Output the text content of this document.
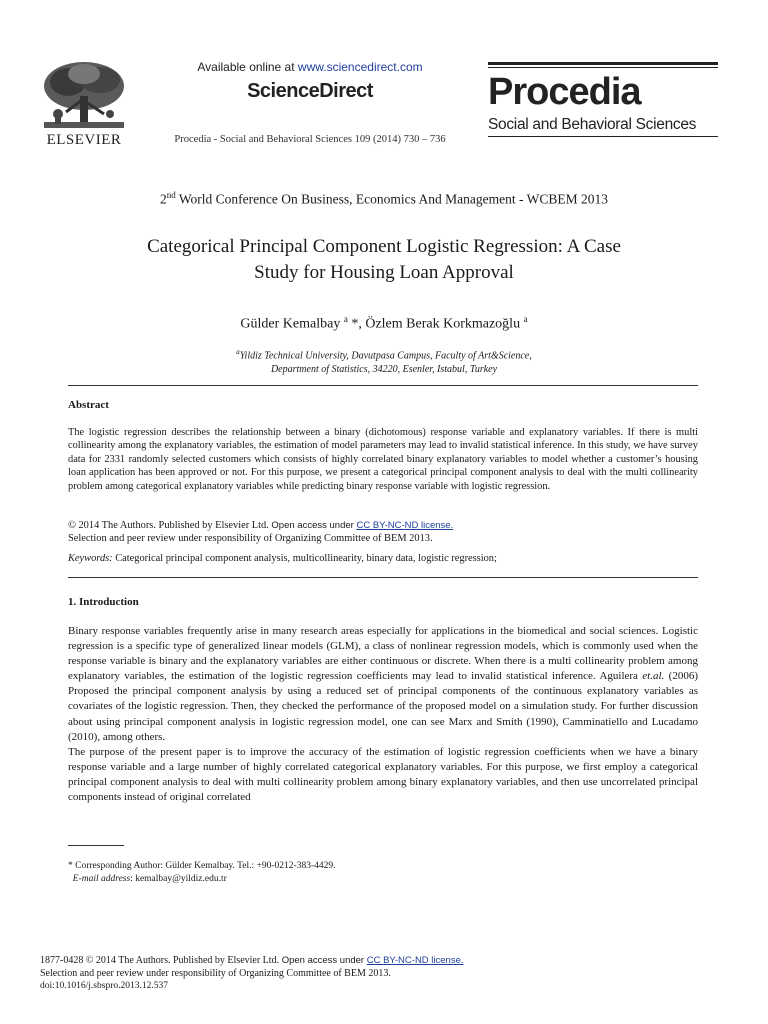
ELSEVIER
Available online at www.sciencedirect.com
ScienceDirect
Procedia - Social and Behavioral Sciences 109 (2014) 730 – 736
Procedia
Social and Behavioral Sciences
2nd World Conference On Business, Economics And Management - WCBEM 2013
Categorical Principal Component Logistic Regression: A Case
Study for Housing Loan Approval
Gülder Kemalbay $^a$ *, Özlem Berak Korkmazoğlu $^a$
$^a$Yildiz Technical University, Davutpasa Campus, Faculty of Art&Science,
Department of Statistics, 34220, Esenler, Istabul, Turkey
Abstract
The logistic regression describes the relationship between a binary (dichotomous) response variable and explanatory variables. If there is multi collinearity among the explanatory variables, the estimation of model parameters may lead to invalid statistical inference. In this study, we have survey data for 2331 randomly selected customers which consists of highly correlated binary explanatory variables to model whether a customer’s housing loan application has been approved or not. For this purpose, we present a categorical principal component analysis to deal with the multi collinearity problem among categorical explanatory variables while predicting binary response variable with logistic regression.
© 2014 The Authors. Published by Elsevier Ltd. Open access under CC BY-NC-ND license.
Selection and peer review under responsibility of Organizing Committee of BEM 2013.
Keywords: Categorical principal component analysis, multicollinearity, binary data, logistic regression;
1. Introduction

Binary response variables frequently arise in many research areas especially for applications in the biomedical and social sciences. Logistic regression is a specific type of generalized linear models (GLM), a class of nonlinear regression models, which is commonly used when the response variable is binary and the explanatory variables are either continuous or discrete. When there is a multi collinearity problem among explanatory variables, the estimation of the logistic regression coefficients may lead to invalid statistical inference. Aguilera et.al. (2006) Proposed the principal component analysis by using a reduced set of principal components of the continuous explanatory variables as covariates of the logistic regression. Then, they checked the performance of the proposed model on a simulation study. For further discussion about using principal component analysis in logistic regression model, one can see Marx and Smith (1990), Camminatiello and Lucadamo (2010), among others.

The purpose of the present paper is to improve the accuracy of the estimation of logistic regression coefficients when we have a binary response variable and a large number of highly correlated categorical explanatory variables. For this purpose, we first employ a categorical principal component analysis to deal with multi collinearity problem among binary explanatory variables, and then use uncorrelated principal components instead of original correlated

* Corresponding Author: Gülder Kemalbay. Tel.: +90-0212-383-4429.
E-mail address: kemalbay@yildiz.edu.tr
1877-0428 © 2014 The Authors. Published by Elsevier Ltd. Open access under CC BY-NC-ND license.
Selection and peer review under responsibility of Organizing Committee of BEM 2013.
doi:10.1016/j.sbspro.2013.12.537
